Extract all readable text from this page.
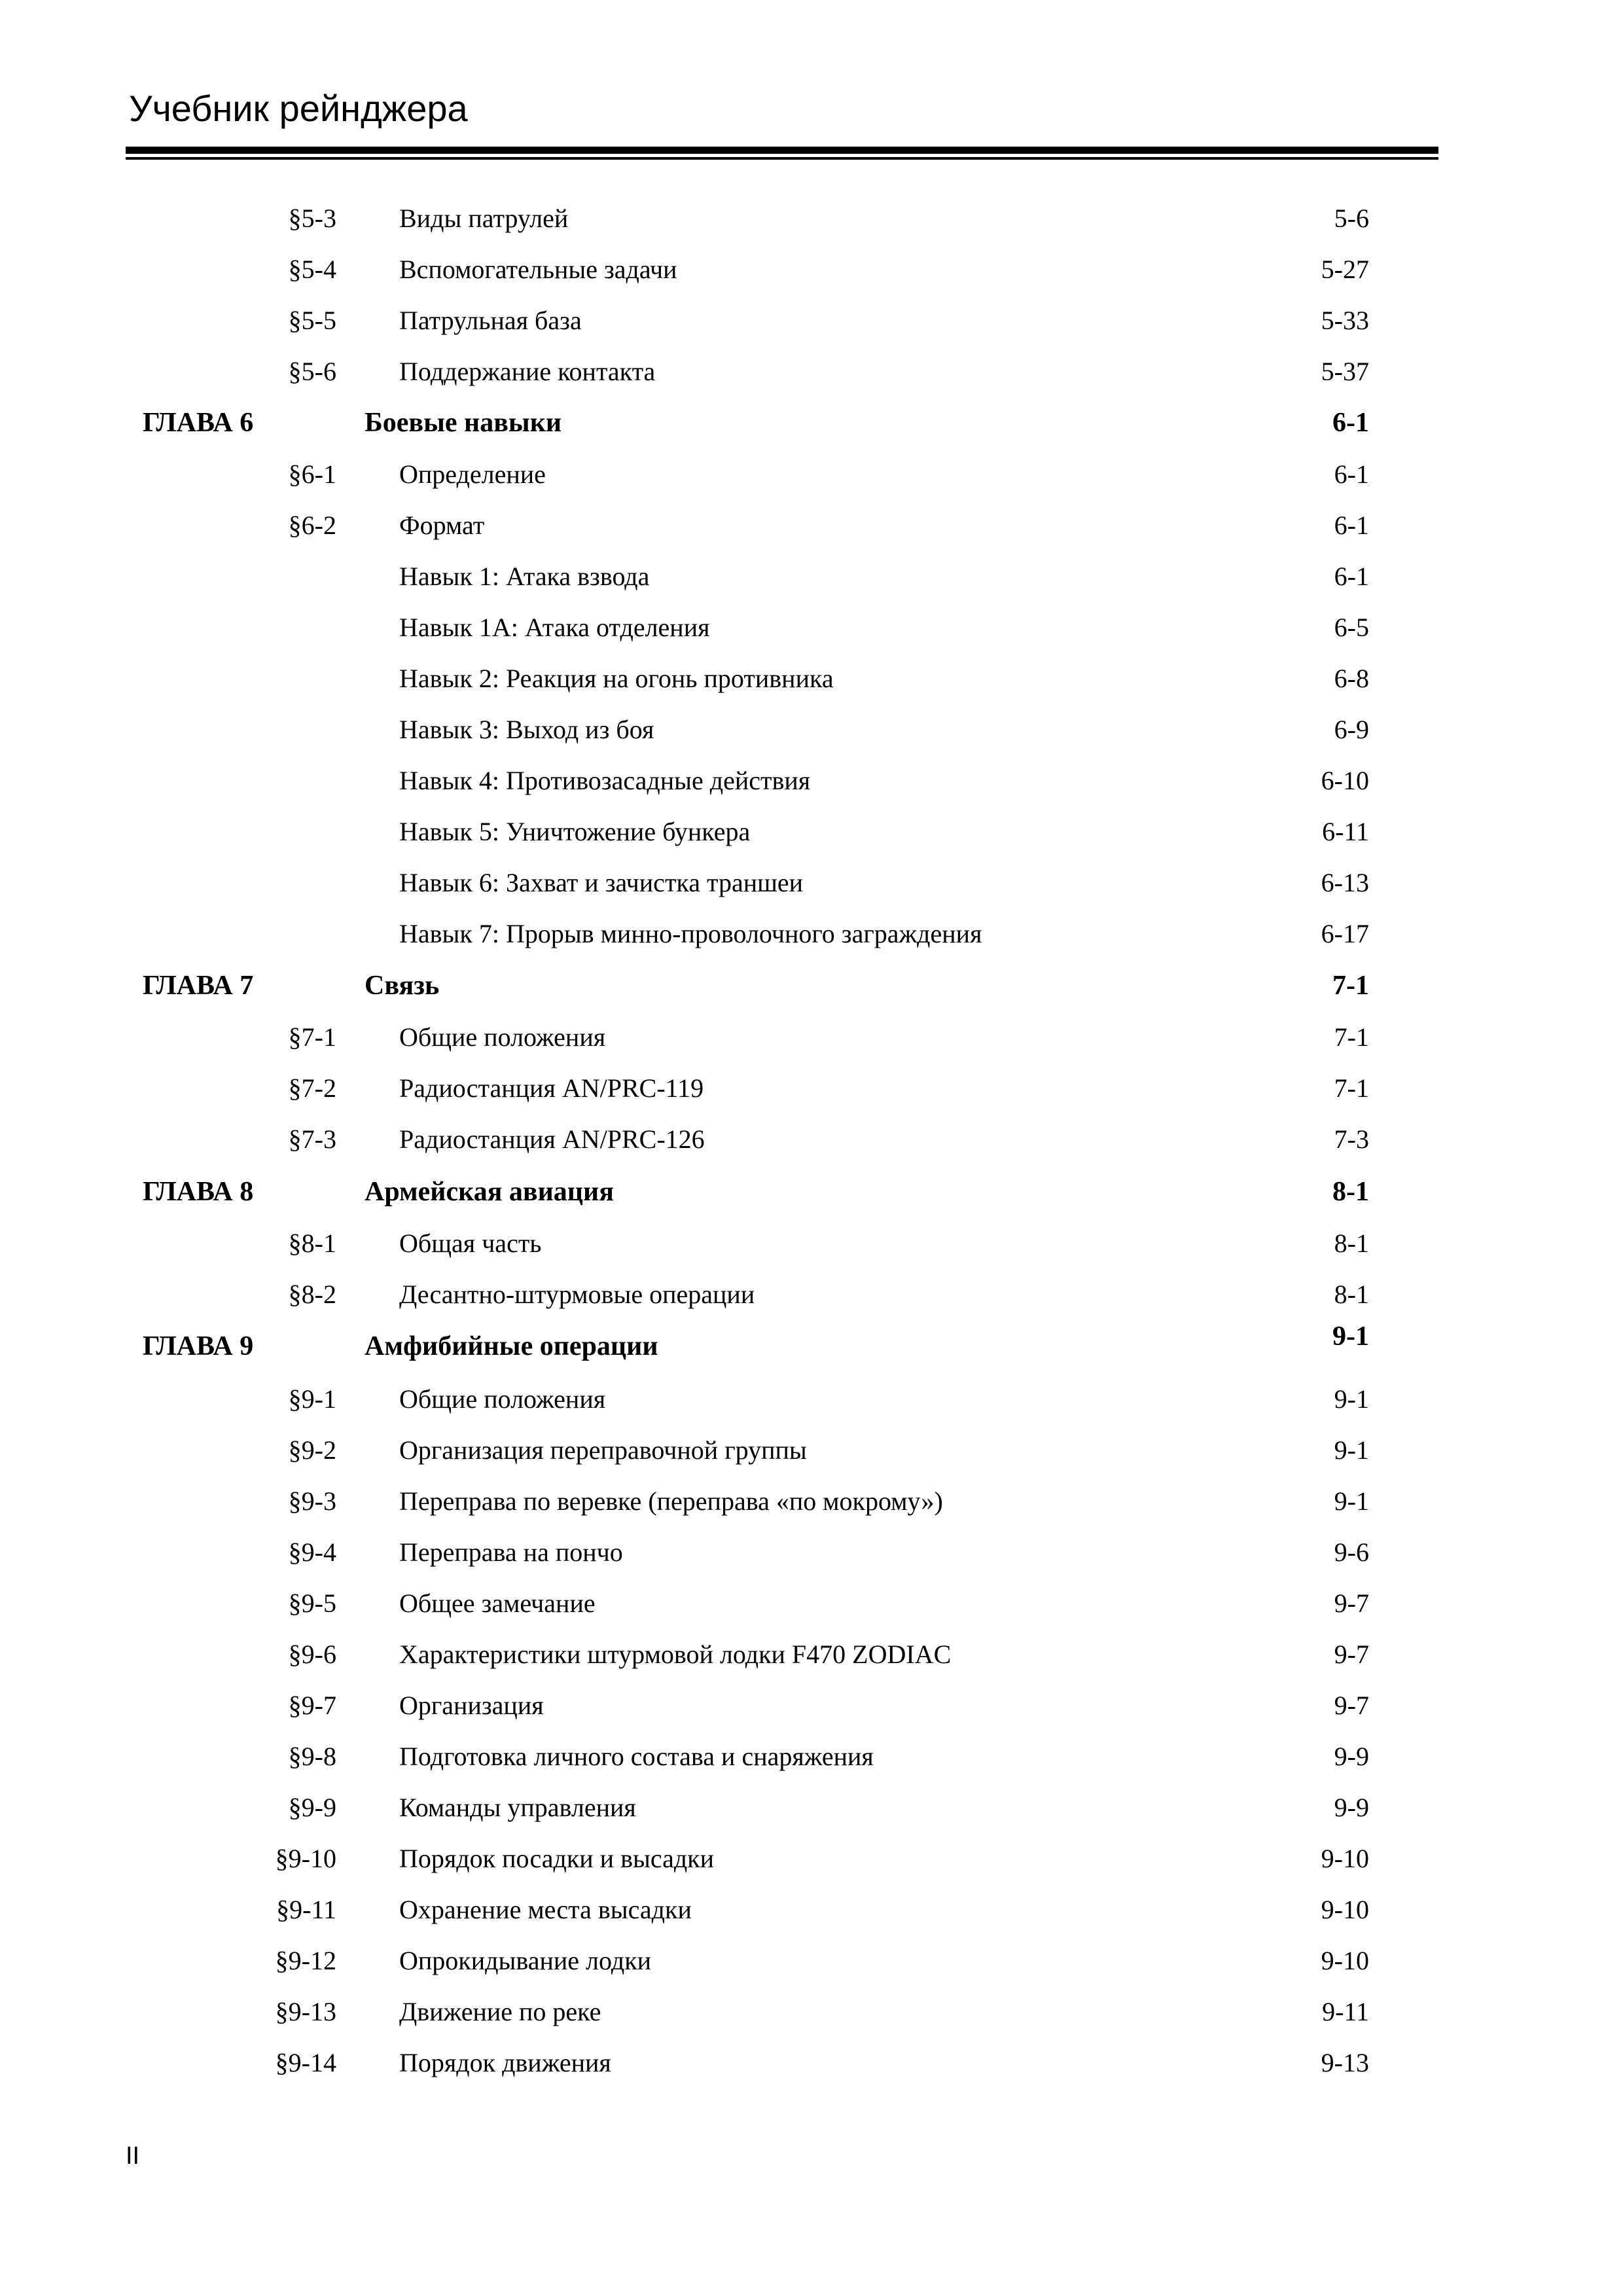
Учебник рейнджера
§5-3 Виды патрулей	5-6
§5-4 Вспомогательные задачи	5-27
§5-5 Патрульная база	5-33
§5-6 Поддержание контакта	5-37
ГЛАВА 6	Боевые навыки	6-1
§6-1 Определение	6-1
§6-2 Формат	6-1
Навык 1: Атака взвода	6-1
Навык 1А: Атака отделения	6-5
Навык 2: Реакция на огонь противника	6-8
Навык 3: Выход из боя	6-9
Навык 4: Противозасадные действия	6-10
Навык 5: Уничтожение бункера	6-11
Навык 6: Захват и зачистка траншеи	6-13
Навык 7: Прорыв минно-проволочного заграждения	6-17
ГЛАВА 7	Связь	7-1
§7-1 Общие положения	7-1
§7-2 Радиостанция AN/PRC-119	7-1
§7-3 Радиостанция AN/PRC-126	7-3
ГЛАВА 8	Армейская авиация	8-1
§8-1 Общая часть	8-1
§8-2 Десантно-штурмовые операции	8-1
ГЛАВА 9	Амфибийные операции	9-1
§9-1 Общие положения	9-1
§9-2 Организация переправочной группы	9-1
§9-3 Переправа по веревке (переправа «по мокрому»)	9-1
§9-4 Переправа на пончо	9-6
§9-5 Общее замечание	9-7
§9-6 Характеристики штурмовой лодки F470 ZODIAC	9-7
§9-7 Организация	9-7
§9-8 Подготовка личного состава и снаряжения	9-9
§9-9 Команды управления	9-9
§9-10 Порядок посадки и высадки	9-10
§9-11 Охранение места высадки	9-10
§9-12 Опрокидывание лодки	9-10
§9-13 Движение по реке	9-11
§9-14 Порядок движения	9-13
II
